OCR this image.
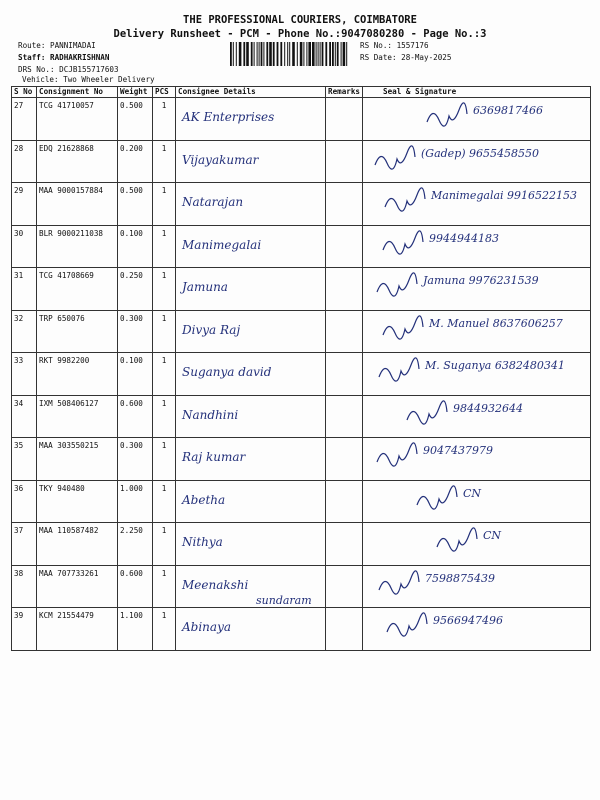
THE PROFESSIONAL COURIERS, COIMBATORE
Delivery Runsheet - PCM - Phone No.:9047080280 - Page No.:3
Route: PANNIMADAI
Staff: RADHAKRISHNAN
DRS No.: DCJB155717603
Vehicle: Two Wheeler Delivery
RS No.: 1557176
RS Date: 28-May-2025
S No	Consignment No	Weight	PCS	Consignee Details	Remarks	Seal & Signature
27	TCG 41710057	0.500	1	AK Enterprises		6369817466

28	EDQ 21628868	0.200	1	Vijayakumar		(Gadep) 9655458550

29	MAA 9000157884	0.500	1	Natarajan		Manimegalai 9916522153

30	BLR 9000211038	0.100	1	Manimegalai		9944944183

31	TCG 41708669	0.250	1	Jamuna		Jamuna 9976231539

32	TRP 650076	0.300	1	Divya Raj		M. Manuel 8637606257

33	RKT 9982200	0.100	1	Suganya david		M. Suganya 6382480341

34	IXM 508406127	0.600	1	Nandhini		9844932644

35	MAA 303550215	0.300	1	Raj kumar		9047437979

36	TKY 940480	1.000	1	Abetha		CN

37	MAA 110587482	2.250	1	Nithya		CN

38	MAA 707733261	0.600	1	Meenakshi
sundaram		7598875439

39	KCM 21554479	1.100	1	Abinaya		9566947496
